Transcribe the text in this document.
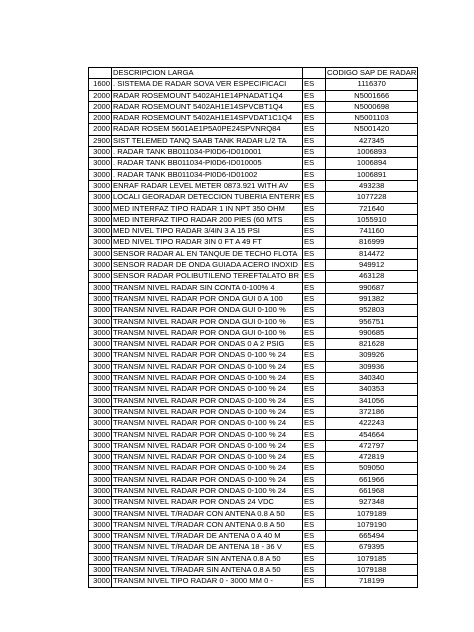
	DESCRIPCION LARGA		CODIGO SAP DE RADAR
1600	. SISTEMA DE RADAR SOVA VER ESPECIFICACI	ES	1116370
2000	RADAR ROSEMOUNT 5402AH1E14PNADAT1Q4	ES	N5001666
2000	RADAR ROSEMOUNT 5402AH1E14SPVCBT1Q4	ES	N5000698
2000	RADAR ROSEMOUNT 5402AH1E14SPVDAT1C1Q4	ES	N5001103
2000	RADAR ROSEM 5601AE1P5A0PE24SPVNRQ84	ES	N5001420
2900	SIST TELEMED TANQ SAAB TANK RADAR L/2 TA	ES	427345
3000	. RADAR TANK BB011034-PI0D6-ID010001	ES	1006893
3000	. RADAR TANK BB011034-PI0D6-ID010005	ES	1006894
3000	. RADAR TANK BB011034-PI0D6-ID01002	ES	1006891
3000	ENRAF RADAR LEVEL METER 0873.921 WITH AV	ES	493238
3000	LOCALI GEORADAR DETECCION TUBERIA ENTERR	ES	1077228
3000	MED INTERFAZ TIPO RADAR 1 IN NPT 350 OHM	ES	721640
3000	MED INTERFAZ TIPO RADAR 200 PIES (60 MTS	ES	1055910
3000	MED NIVEL TIPO RADAR 3/4IN 3 A 15 PSI	ES	741160
3000	MED NIVEL TIPO RADAR 3IN 0 FT A 49 FT	ES	816999
3000	SENSOR RADAR AL EN TANQUE DE TECHO FLOTA	ES	814472
3000	SENSOR RADAR DE ONDA GUIADA ACERO INOXID	ES	949912
3000	SENSOR RADAR POLIBUTILENO TEREFTALATO BR	ES	463128
3000	TRANSM NIVEL RADAR SIN CONTA 0-100% 4	ES	990687
3000	TRANSM NIVEL RADAR POR ONDA GUI 0 A 100	ES	991382
3000	TRANSM NIVEL RADAR POR ONDA GUI 0-100 %	ES	952803
3000	TRANSM NIVEL RADAR POR ONDA GUI 0-100 %	ES	956751
3000	TRANSM NIVEL RADAR POR ONDA GUI 0-100 %	ES	990685
3000	TRANSM NIVEL RADAR POR ONDAS 0 A 2 PSIG	ES	821628
3000	TRANSM NIVEL RADAR POR ONDAS 0-100 % 24	ES	309926
3000	TRANSM NIVEL RADAR POR ONDAS 0-100 % 24	ES	309936
3000	TRANSM NIVEL RADAR POR ONDAS 0-100 % 24	ES	340340
3000	TRANSM NIVEL RADAR POR ONDAS 0-100 % 24	ES	340353
3000	TRANSM NIVEL RADAR POR ONDAS 0-100 % 24	ES	341056
3000	TRANSM NIVEL RADAR POR ONDAS 0-100 % 24	ES	372186
3000	TRANSM NIVEL RADAR POR ONDAS 0-100 % 24	ES	422243
3000	TRANSM NIVEL RADAR POR ONDAS 0-100 % 24	ES	454664
3000	TRANSM NIVEL RADAR POR ONDAS 0-100 % 24	ES	472797
3000	TRANSM NIVEL RADAR POR ONDAS 0-100 % 24	ES	472819
3000	TRANSM NIVEL RADAR POR ONDAS 0-100 % 24	ES	509050
3000	TRANSM NIVEL RADAR POR ONDAS 0-100 % 24	ES	661966
3000	TRANSM NIVEL RADAR POR ONDAS 0-100 % 24	ES	661968
3000	TRANSM NIVEL RADAR POR ONDAS 24 VDC	ES	927348
3000	TRANSM NIVEL T/RADAR CON ANTENA 0.8 A 50	ES	1079189
3000	TRANSM NIVEL T/RADAR CON ANTENA 0.8 A 50	ES	1079190
3000	TRANSM NIVEL T/RADAR DE ANTENA 0 A 40 M	ES	665494
3000	TRANSM NIVEL T/RADAR DE ANTENA 18 - 36 V	ES	679395
3000	TRANSM NIVEL T/RADAR SIN ANTENA 0.8 A 50	ES	1079185
3000	TRANSM NIVEL T/RADAR SIN ANTENA 0.8 A 50	ES	1079188
3000	TRANSM NIVEL TIPO RADAR 0 - 3000 MM 0 -	ES	718199
